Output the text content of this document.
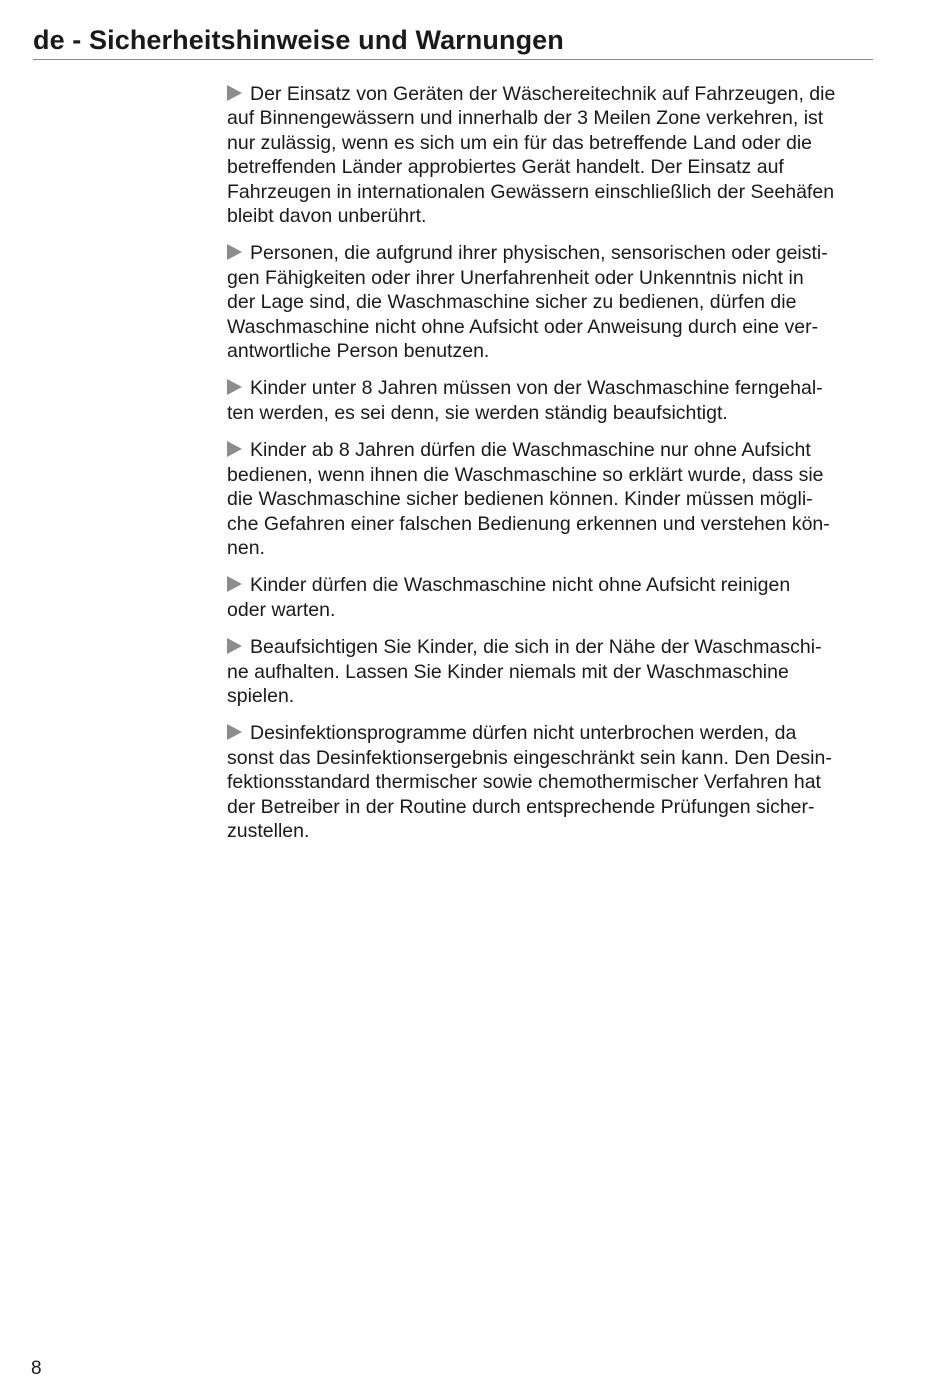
de - Sicherheitshinweise und Warnungen

Der Einsatz von Geräten der Wäschereitechnik auf Fahrzeugen, die
auf Binnengewässern und innerhalb der 3 Meilen Zone verkehren, ist
nur zulässig, wenn es sich um ein für das betreffende Land oder die
betreffenden Länder approbiertes Gerät handelt. Der Einsatz auf
Fahrzeugen in internationalen Gewässern einschließlich der Seehäfen
bleibt davon unberührt.

Personen, die aufgrund ihrer physischen, sensorischen oder geisti-
gen Fähigkeiten oder ihrer Unerfahrenheit oder Unkenntnis nicht in
der Lage sind, die Waschmaschine sicher zu bedienen, dürfen die
Waschmaschine nicht ohne Aufsicht oder Anweisung durch eine ver-
antwortliche Person benutzen.

Kinder unter 8 Jahren müssen von der Waschmaschine ferngehal-
ten werden, es sei denn, sie werden ständig beaufsichtigt.

Kinder ab 8 Jahren dürfen die Waschmaschine nur ohne Aufsicht
bedienen, wenn ihnen die Waschmaschine so erklärt wurde, dass sie
die Waschmaschine sicher bedienen können. Kinder müssen mögli-
che Gefahren einer falschen Bedienung erkennen und verstehen kön-
nen.

Kinder dürfen die Waschmaschine nicht ohne Aufsicht reinigen
oder warten.

Beaufsichtigen Sie Kinder, die sich in der Nähe der Waschmaschi-
ne aufhalten. Lassen Sie Kinder niemals mit der Waschmaschine
spielen.

Desinfektionsprogramme dürfen nicht unterbrochen werden, da
sonst das Desinfektionsergebnis eingeschränkt sein kann. Den Desin-
fektionsstandard thermischer sowie chemothermischer Verfahren hat
der Betreiber in der Routine durch entsprechende Prüfungen sicher-
zustellen.

8
